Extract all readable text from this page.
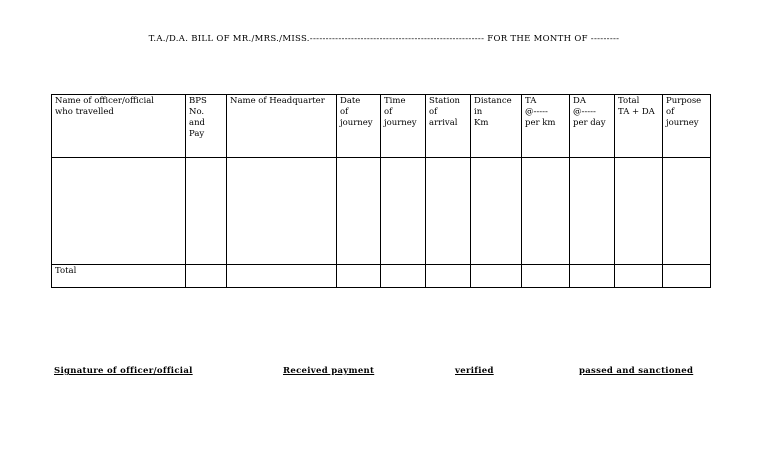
T.A./D.A. BILL OF MR./MRS./MISS.------------------------------------------------------- FOR THE MONTH OF ---------
Name of officer/official
who travelled	BPS
No.
and
Pay	Name of Headquarter	Date
of
journey	Time
of
journey	Station
of
arrival	Distance
in
Km	TA
@-----
per km	DA
@-----
per day	Total
TA + DA	Purpose
of
journey

Total										
Signature of officer/official	Received payment	verified	passed and sanctioned
